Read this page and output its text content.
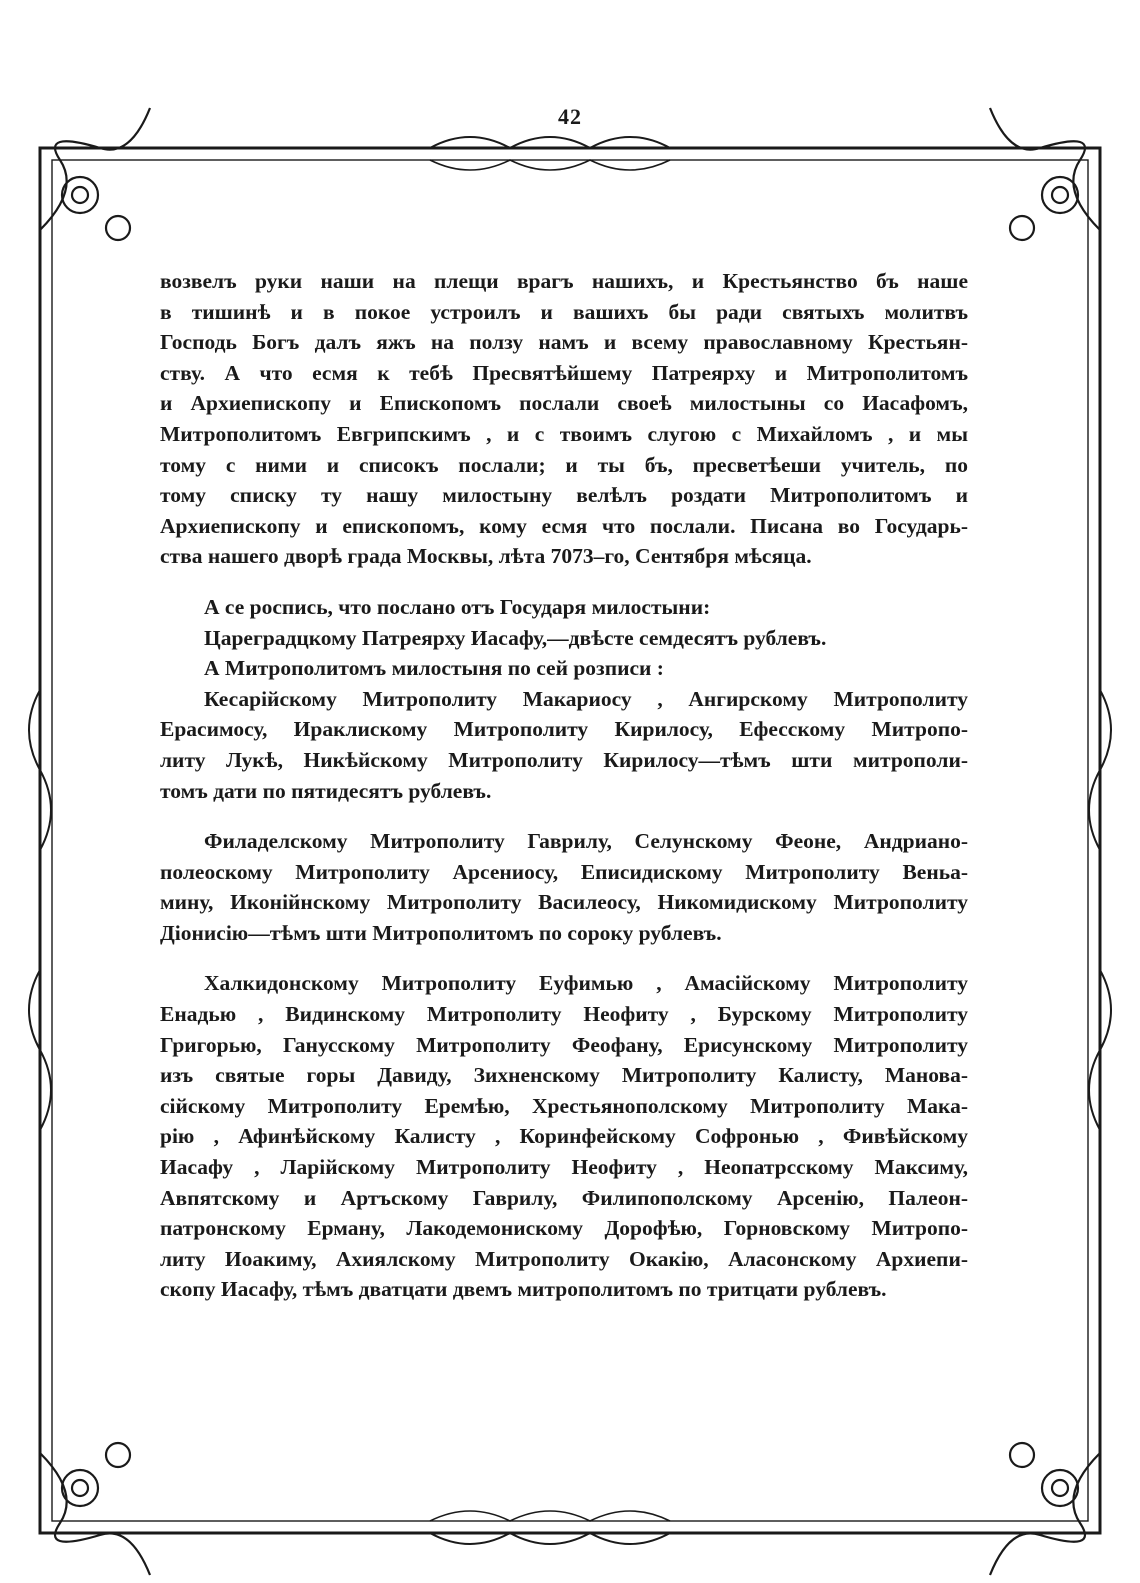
42

возвелъ руки наши на плещи врагъ нашихъ, и Крестьянство бъ наше

в тишинѣ и в покое устроилъ и вашихъ бы ради святыхъ молитвъ

Господь Богъ далъ яжъ на ползу намъ и всему православному Крестьян-

ству. А что есмя к тебѣ Пресвятѣйшему Патреярху и Митрополитомъ

и Архиепископу и Епископомъ послали своеѣ милостыны со Иасафомъ,

Митрополитомъ Евгрипскимъ , и с твоимъ слугою с Михайломъ , и мы

тому с ними и списокъ послали; и ты бъ, пресветѣеши учитель, по

тому списку ту нашу милостыну велѣлъ роздати Митрополитомъ и

Архиепископу и епископомъ, кому есмя что послали. Писана во Государь-

ства нашего дворѣ града Москвы, лѣта 7073–го, Сентября мѣсяца.

А се роспись, что послано отъ Государя милостыни:

Цареградцкому Патреярху Иасафу,—двѣсте семдесятъ рублевъ.

А Митрополитомъ милостыня по сей розписи :

Кесарійскому Митрополиту Макариосу , Ангирскому Митрополиту

Ерасимосу, Ираклискому Митрополиту Кирилосу, Ефесскому Митропо-

литу Лукѣ, Никѣйскому Митрополиту Кирилосу—тѣмъ шти митрополи-

томъ дати по пятидесятъ рублевъ.

Филаделскому Митрополиту Гаврилу, Селунскому Феоне, Андриано-

полеоскому Митрополиту Арсениосу, Еписидискому Митрополиту Веньа-

мину, Иконійнскому Митрополиту Василеосу, Никомидискому Митрополиту

Діонисію—тѣмъ шти Митрополитомъ по сороку рублевъ.

Халкидонскому Митрополиту Еуфимью , Амасійскому Митрополиту

Енадью , Видинскому Митрополиту Неофиту , Бурскому Митрополиту

Григорью, Ганусскому Митрополиту Феофану, Ерисунскому Митрополиту

изъ святые горы Давиду, Зихненскому Митрополиту Калисту, Манова-

сійскому Митрополиту Еремѣю, Хрестьянополскому Митрополиту Мака-

рію , Афинѣйскому Калисту , Коринфейскому Софронью , Фивѣйскому

Иасафу , Ларійскому Митрополиту Неофиту , Неопатрсскому Максиму,

Авпятскому и Артъскому Гаврилу, Филипополскому Арсенію, Палеон-

патронскому Ерману, Лакодемонискому Дорофѣю, Горновскому Митропо-

литу Иоакиму, Ахиялскому Митрополиту Окакію, Аласонскому Архиепи-

скопу Иасафу, тѣмъ дватцати двемъ митрополитомъ по тритцати рублевъ.
